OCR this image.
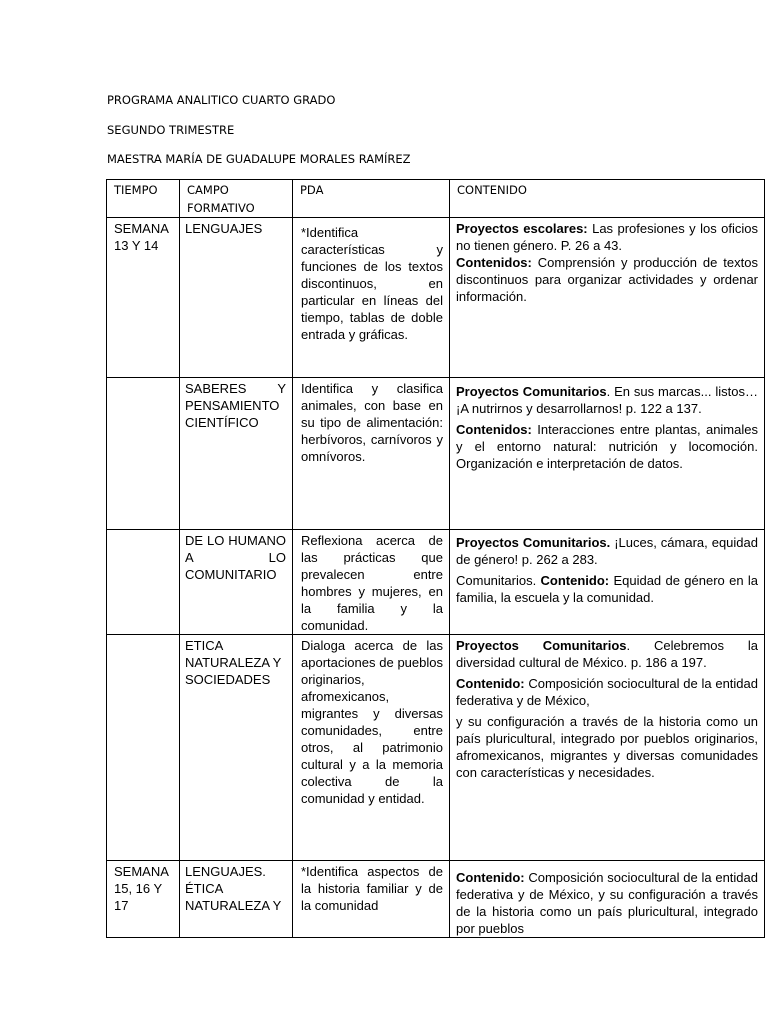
PROGRAMA ANALITICO CUARTO GRADO
SEGUNDO TRIMESTRE
MAESTRA MARÍA DE GUADALUPE MORALES RAMÍREZ
TIEMPO	CAMPO FORMATIVO	PDA	CONTENIDO
SEMANA 13 Y 14	LENGUAJES	*Identifica características y funciones de los textos discontinuos, en particular en líneas del tiempo, tablas de doble entrada y gráficas.	Proyectos escolares: Las profesiones y los oficios no tienen género. P. 26 a 43.

Contenidos: Comprensión y producción de textos discontinuos para organizar actividades y ordenar información.

	SABERES Y PENSAMIENTO CIENTÍFICO	Identifica y clasifica animales, con base en su tipo de alimentación: herbívoros, carnívoros y omnívoros.	Proyectos Comunitarios. En sus marcas... listos… ¡A nutrirnos y desarrollarnos! p. 122 a 137.

Contenidos: Interacciones entre plantas, animales y el entorno natural: nutrición y locomoción. Organización e interpretación de datos.

	DE LO HUMANO A LO COMUNITARIO	Reflexiona acerca de las prácticas que prevalecen entre hombres y mujeres, en la familia y la comunidad.	Proyectos Comunitarios. ¡Luces, cámara, equidad de género! p. 262 a 283.

Comunitarios. Contenido: Equidad de género en la familia, la escuela y la comunidad.

	ETICA NATURALEZA Y SOCIEDADES	Dialoga acerca de las aportaciones de pueblos originarios, afromexicanos, migrantes y diversas comunidades, entre otros, al patrimonio cultural y a la memoria colectiva de la comunidad y entidad.	Proyectos Comunitarios. Celebremos la diversidad cultural de México. p. 186 a 197.

Contenido: Composición sociocultural de la entidad federativa y de México,

y su configuración a través de la historia como un país pluricultural, integrado por pueblos originarios, afromexicanos, migrantes y diversas comunidades con características y necesidades.

SEMANA 15, 16 Y 17	LENGUAJES. ÉTICA NATURALEZA Y	*Identifica aspectos de la historia familiar y de la comunidad	Contenido: Composición sociocultural de la entidad federativa y de México, y su configuración a través de la historia como un país pluricultural, integrado por pueblos
